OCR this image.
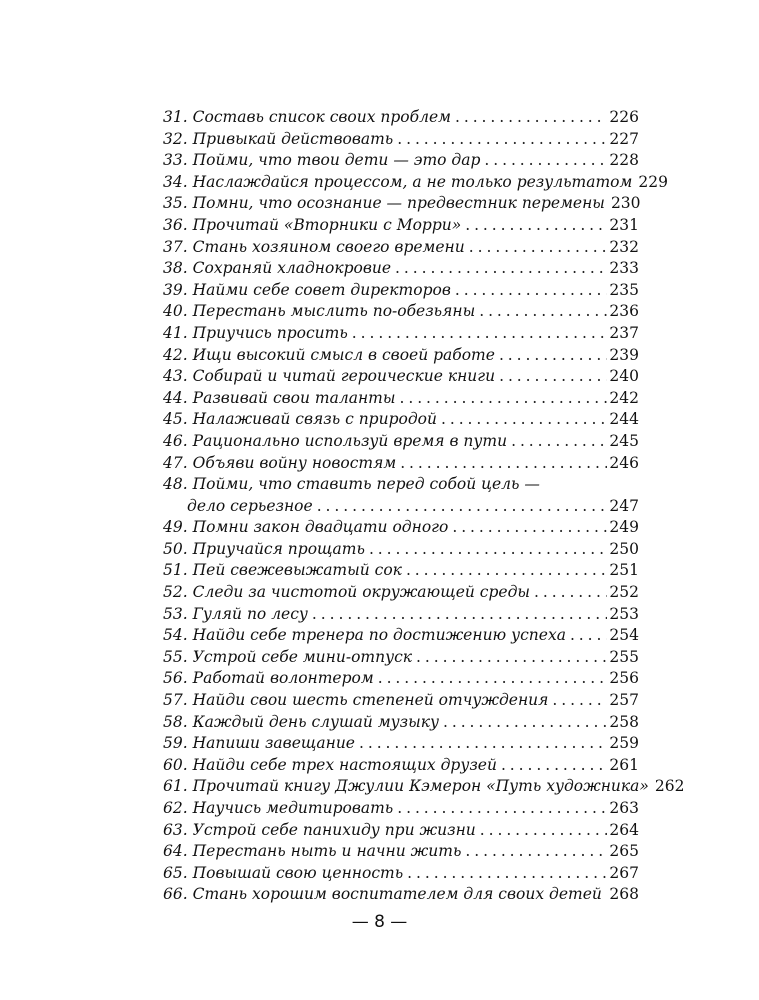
31. Составь список своих проблем . . .	226
32. Привыкай действовать . . .	227
33. Пойми, что твои дети — это дар . . .	228
34. Наслаждайся процессом, а не только результатом 229
35. Помни, что осознание — предвестник перемены 230
36. Прочитай «Вторники с Морри» . . .	231
37. Стань хозяином своего времени . . .	232
38. Сохраняй хладнокровие . . .	233
39. Найми себе совет директоров . . .	235
40. Перестань мыслить по-обезьяны . . .	236
41. Приучись просить . . .	237
42. Ищи высокий смысл в своей работе . . .	239
43. Собирай и читай героические книги . . .	240
44. Развивай свои таланты . . .	242
45. Налаживай связь с природой . . .	244
46. Рационально используй время в пути . . .	245
47. Объяви войну новостям . . .	246
48. Пойми, что ставить перед собой цель —
дело серьезное . . .	247
49. Помни закон двадцати одного . . .	249
50. Приучайся прощать . . .	250
51. Пей свежевыжатый сок . . .	251
52. Следи за чистотой окружающей среды . . .	252
53. Гуляй по лесу . . .	253
54. Найди себе тренера по достижению успеха . . .	254
55. Устрой себе мини-отпуск . . .	255
56. Работай волонтером . . .	256
57. Найди свои шесть степеней отчуждения . . .	257
58. Каждый день слушай музыку . . .	258
59. Напиши завещание . . .	259
60. Найди себе трех настоящих друзей . . .	261
61. Прочитай книгу Джулии Кэмерон «Путь художника» 262
62. Научись медитировать . . .	263
63. Устрой себе панихиду при жизни . . .	264
64. Перестань ныть и начни жить . . .	265
65. Повышай свою ценность . . .	267
66. Стань хорошим воспитателем для своих детей . . . 268
— 8 —
